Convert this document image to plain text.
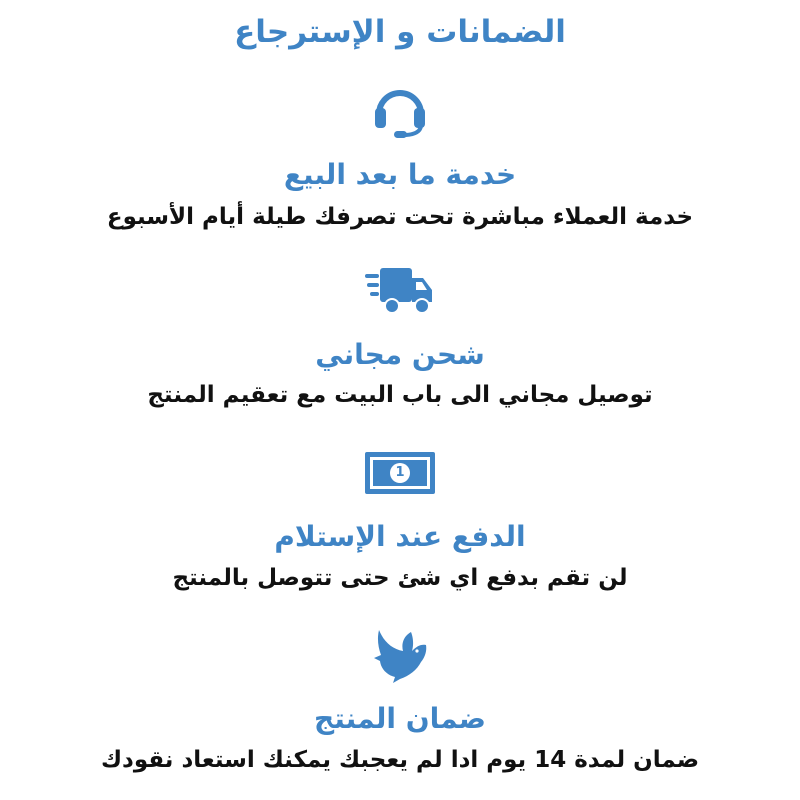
الضمانات و الإسترجاع
خدمة ما بعد البيع
خدمة العملاء مباشرة تحت تصرفك طيلة أيام الأسبوع
شحن مجاني
توصيل مجاني الى باب البيت مع تعقيم المنتج
1
الدفع عند الإستلام
لن تقم بدفع اي شئ حتى تتوصل بالمنتج
ضمان المنتج
ضمان لمدة 14 يوم ادا لم يعجبك يمكنك استعاد نقودك
